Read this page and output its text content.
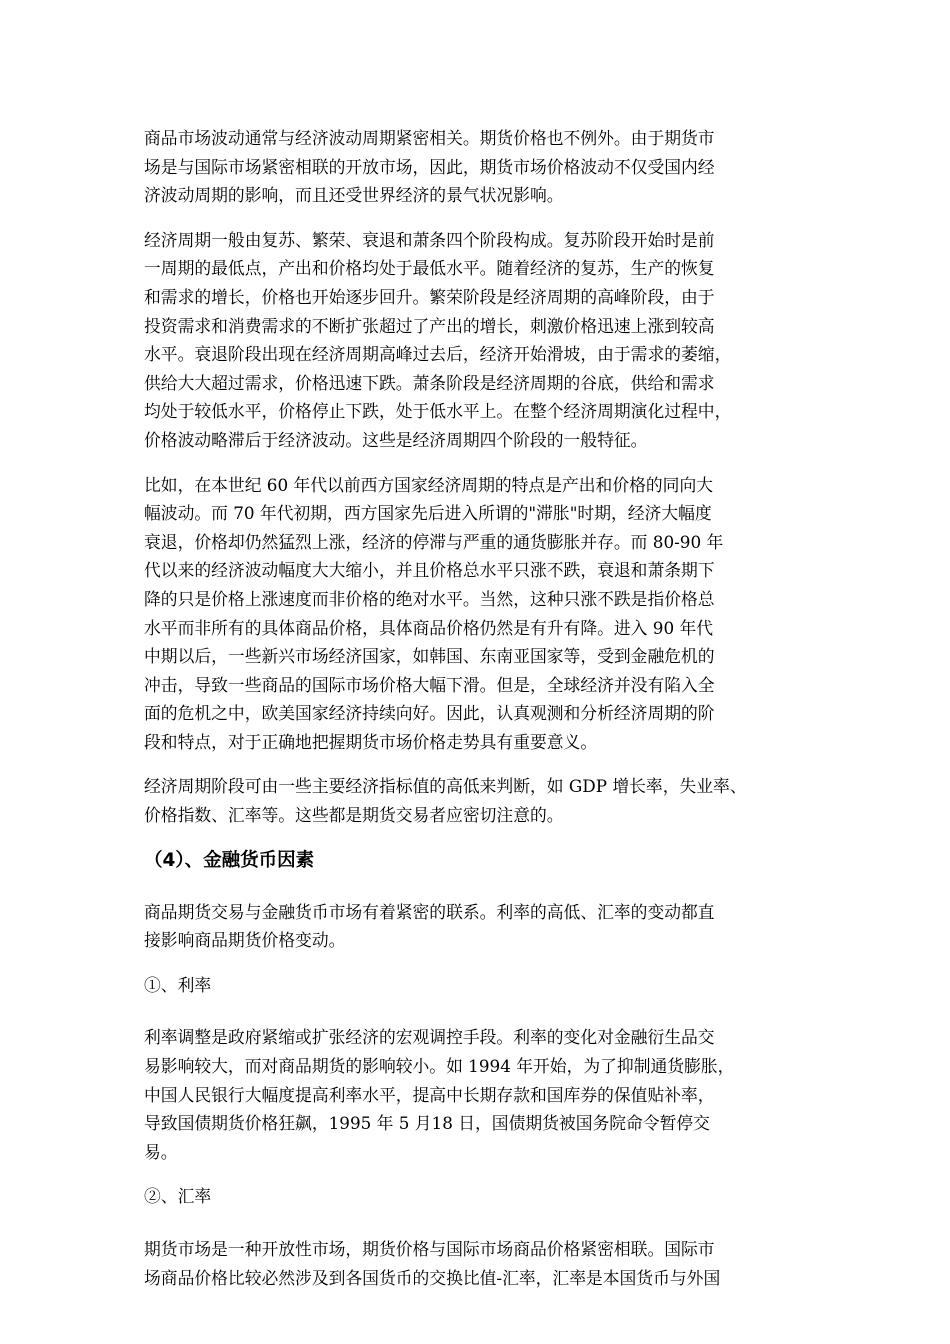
商品市场波动通常与经济波动周期紧密相关。期货价格也不例外。由于期货市
场是与国际市场紧密相联的开放市场，因此，期货市场价格波动不仅受国内经
济波动周期的影响，而且还受世界经济的景气状况影响。
经济周期一般由复苏、繁荣、衰退和萧条四个阶段构成。复苏阶段开始时是前
一周期的最低点，产出和价格均处于最低水平。随着经济的复苏，生产的恢复
和需求的增长，价格也开始逐步回升。繁荣阶段是经济周期的高峰阶段，由于
投资需求和消费需求的不断扩张超过了产出的增长，刺激价格迅速上涨到较高
水平。衰退阶段出现在经济周期高峰过去后，经济开始滑坡，由于需求的萎缩，
供给大大超过需求，价格迅速下跌。萧条阶段是经济周期的谷底，供给和需求
均处于较低水平，价格停止下跌，处于低水平上。在整个经济周期演化过程中，
价格波动略滞后于经济波动。这些是经济周期四个阶段的一般特征。
比如，在本世纪 60 年代以前西方国家经济周期的特点是产出和价格的同向大
幅波动。而 70 年代初期，西方国家先后进入所谓的"滞胀"时期，经济大幅度
衰退，价格却仍然猛烈上涨，经济的停滞与严重的通货膨胀并存。而 80-90 年
代以来的经济波动幅度大大缩小，并且价格总水平只涨不跌，衰退和萧条期下
降的只是价格上涨速度而非价格的绝对水平。当然，这种只涨不跌是指价格总
水平而非所有的具体商品价格，具体商品价格仍然是有升有降。进入 90 年代
中期以后，一些新兴市场经济国家，如韩国、东南亚国家等，受到金融危机的
冲击，导致一些商品的国际市场价格大幅下滑。但是，全球经济并没有陷入全
面的危机之中，欧美国家经济持续向好。因此，认真观测和分析经济周期的阶
段和特点，对于正确地把握期货市场价格走势具有重要意义。
经济周期阶段可由一些主要经济指标值的高低来判断，如 GDP 增长率，失业率、
价格指数、汇率等。这些都是期货交易者应密切注意的。
（4）、金融货币因素
商品期货交易与金融货币市场有着紧密的联系。利率的高低、汇率的变动都直
接影响商品期货价格变动。
①、利率
利率调整是政府紧缩或扩张经济的宏观调控手段。利率的变化对金融衍生品交
易影响较大，而对商品期货的影响较小。如 1994 年开始，为了抑制通货膨胀，
中国人民银行大幅度提高利率水平，提高中长期存款和国库券的保值贴补率，
导致国债期货价格狂飙，1995 年 5 月18 日，国债期货被国务院命令暂停交
易。
②、汇率
期货市场是一种开放性市场，期货价格与国际市场商品价格紧密相联。国际市
场商品价格比较必然涉及到各国货币的交换比值-汇率，汇率是本国货币与外国
